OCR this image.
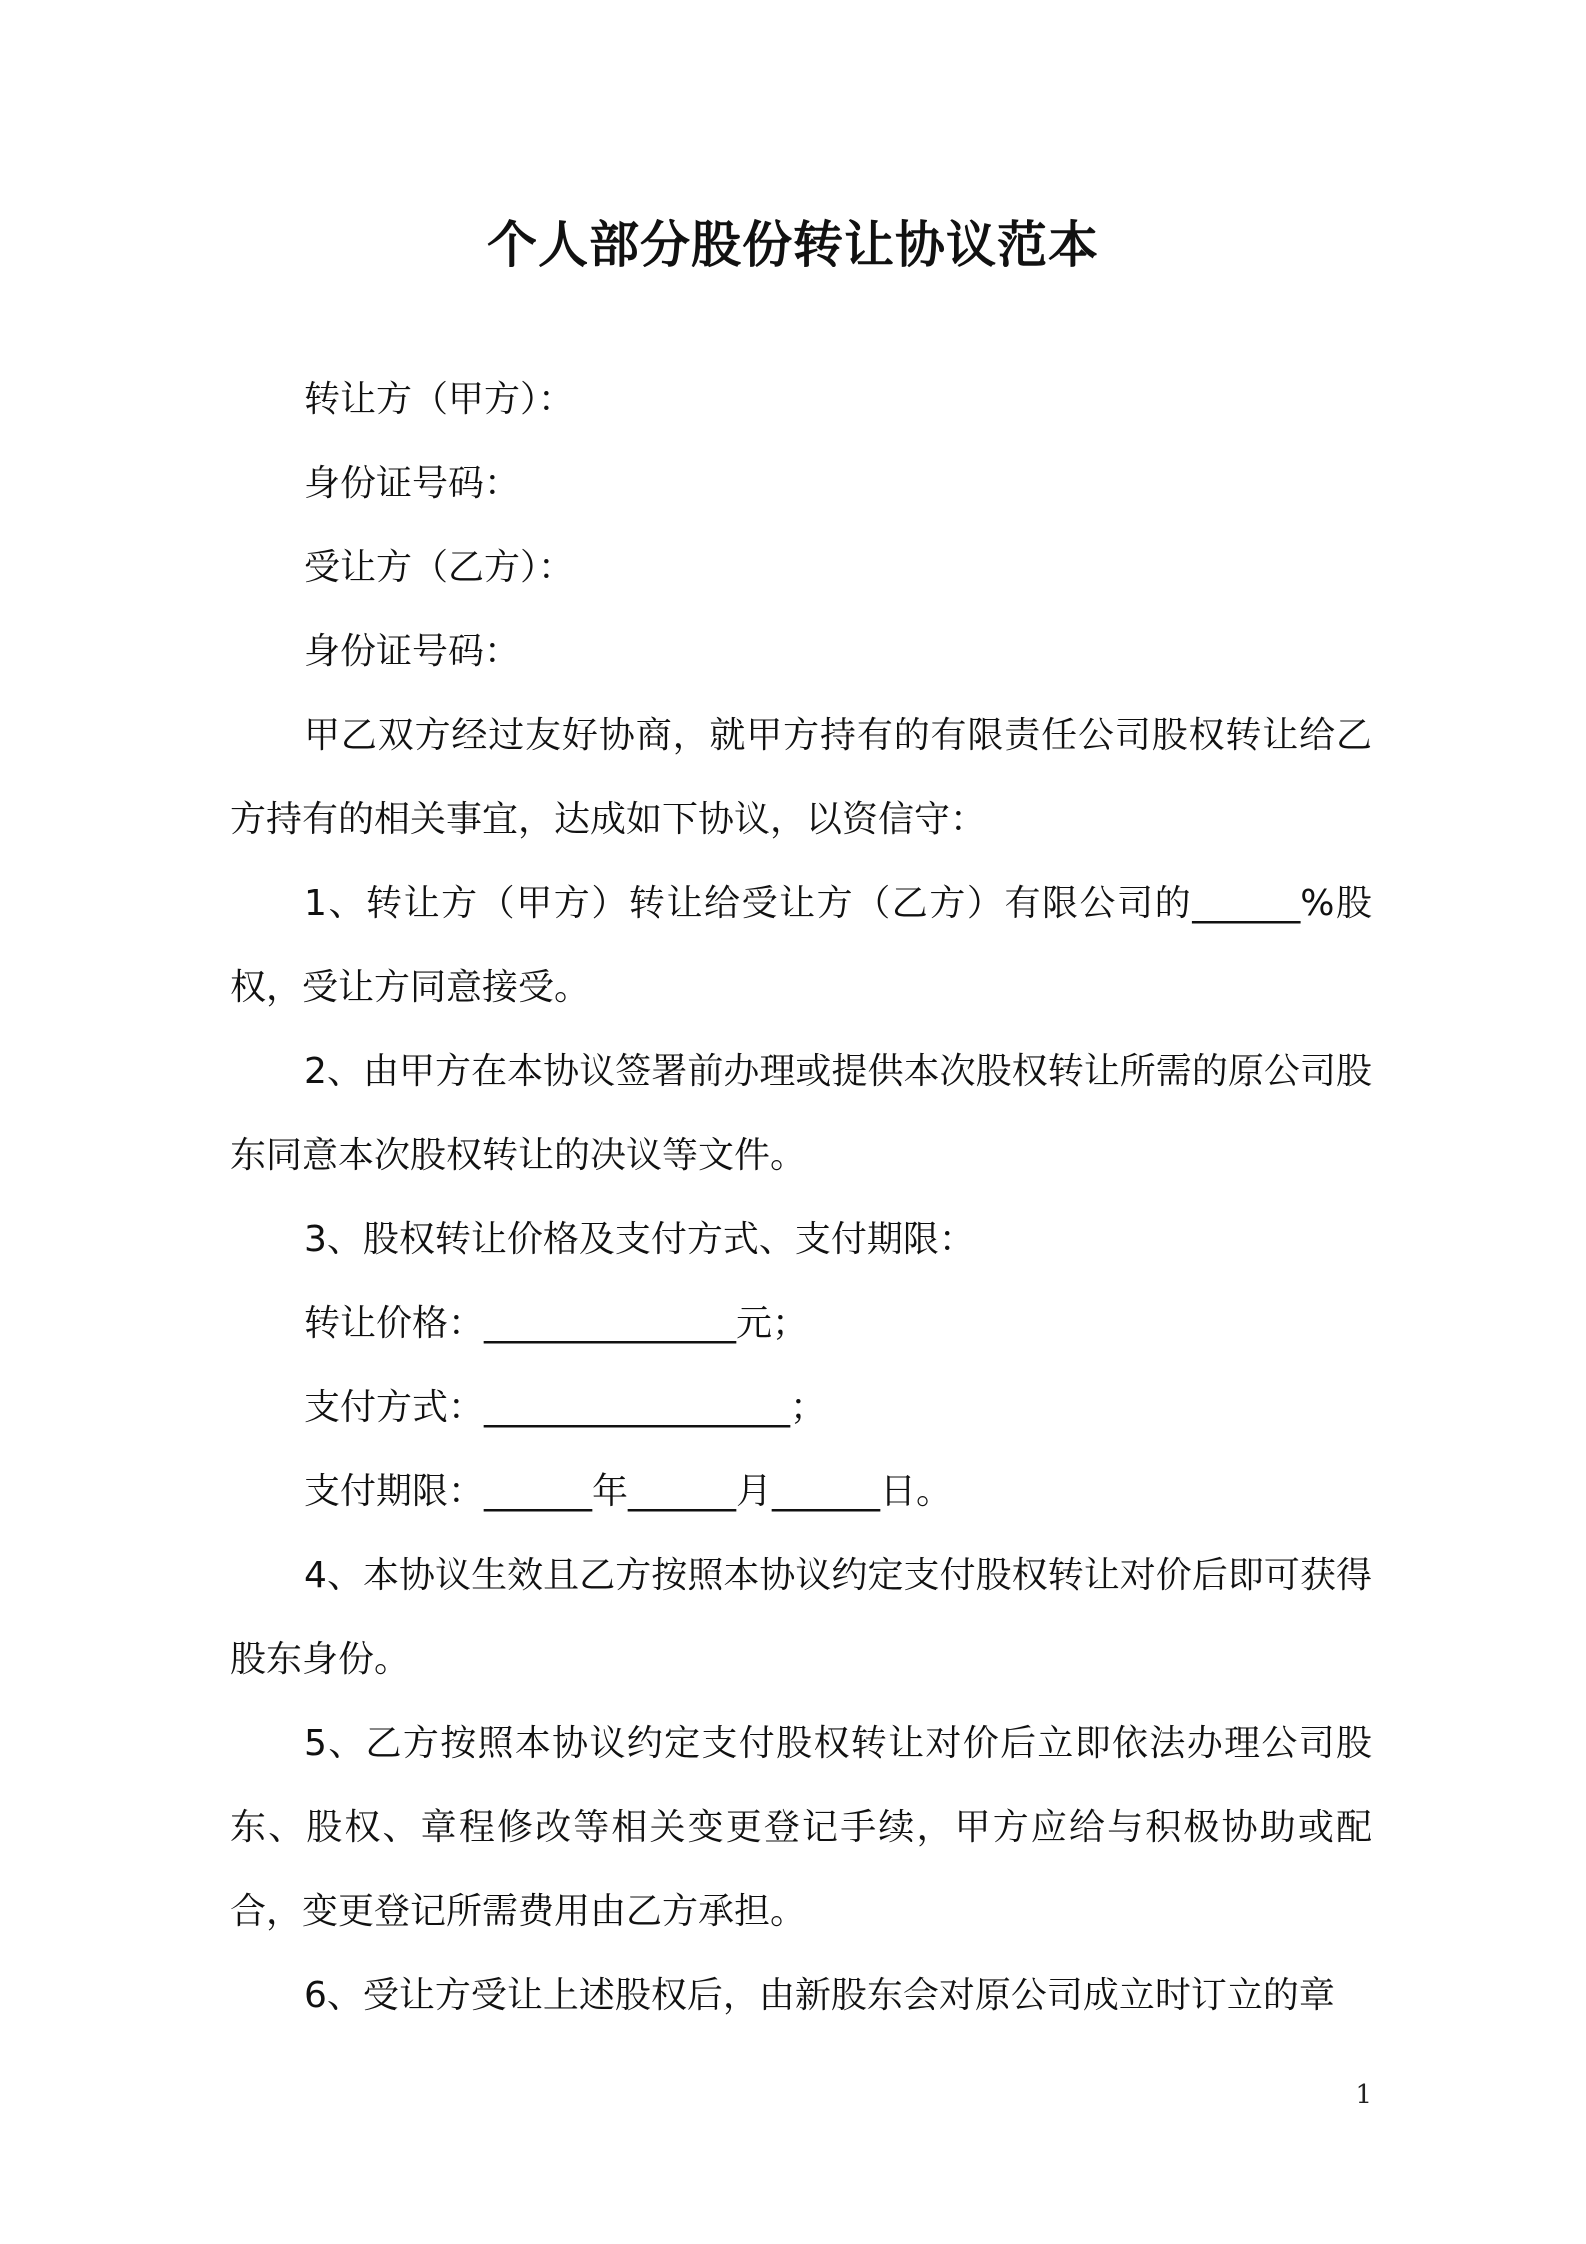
个人部分股份转让协议范本

转让方（甲方）：

身份证号码：

受让方（乙方）：

身份证号码：

甲乙双方经过友好协商，就甲方持有的有限责任公司股权转让给乙方持有的相关事宜，达成如下协议，以资信守：

1、转让方（甲方）转让给受让方（乙方）有限公司的______%股权，受让方同意接受。

2、由甲方在本协议签署前办理或提供本次股权转让所需的原公司股东同意本次股权转让的决议等文件。

3、股权转让价格及支付方式、支付期限：

转让价格：______________元；

支付方式：_________________；

支付期限：______年______月______日。

4、本协议生效且乙方按照本协议约定支付股权转让对价后即可获得股东身份。

5、乙方按照本协议约定支付股权转让对价后立即依法办理公司股东、股权、章程修改等相关变更登记手续，甲方应给与积极协助或配合，变更登记所需费用由乙方承担。

6、受让方受让上述股权后，由新股东会对原公司成立时订立的章

1
